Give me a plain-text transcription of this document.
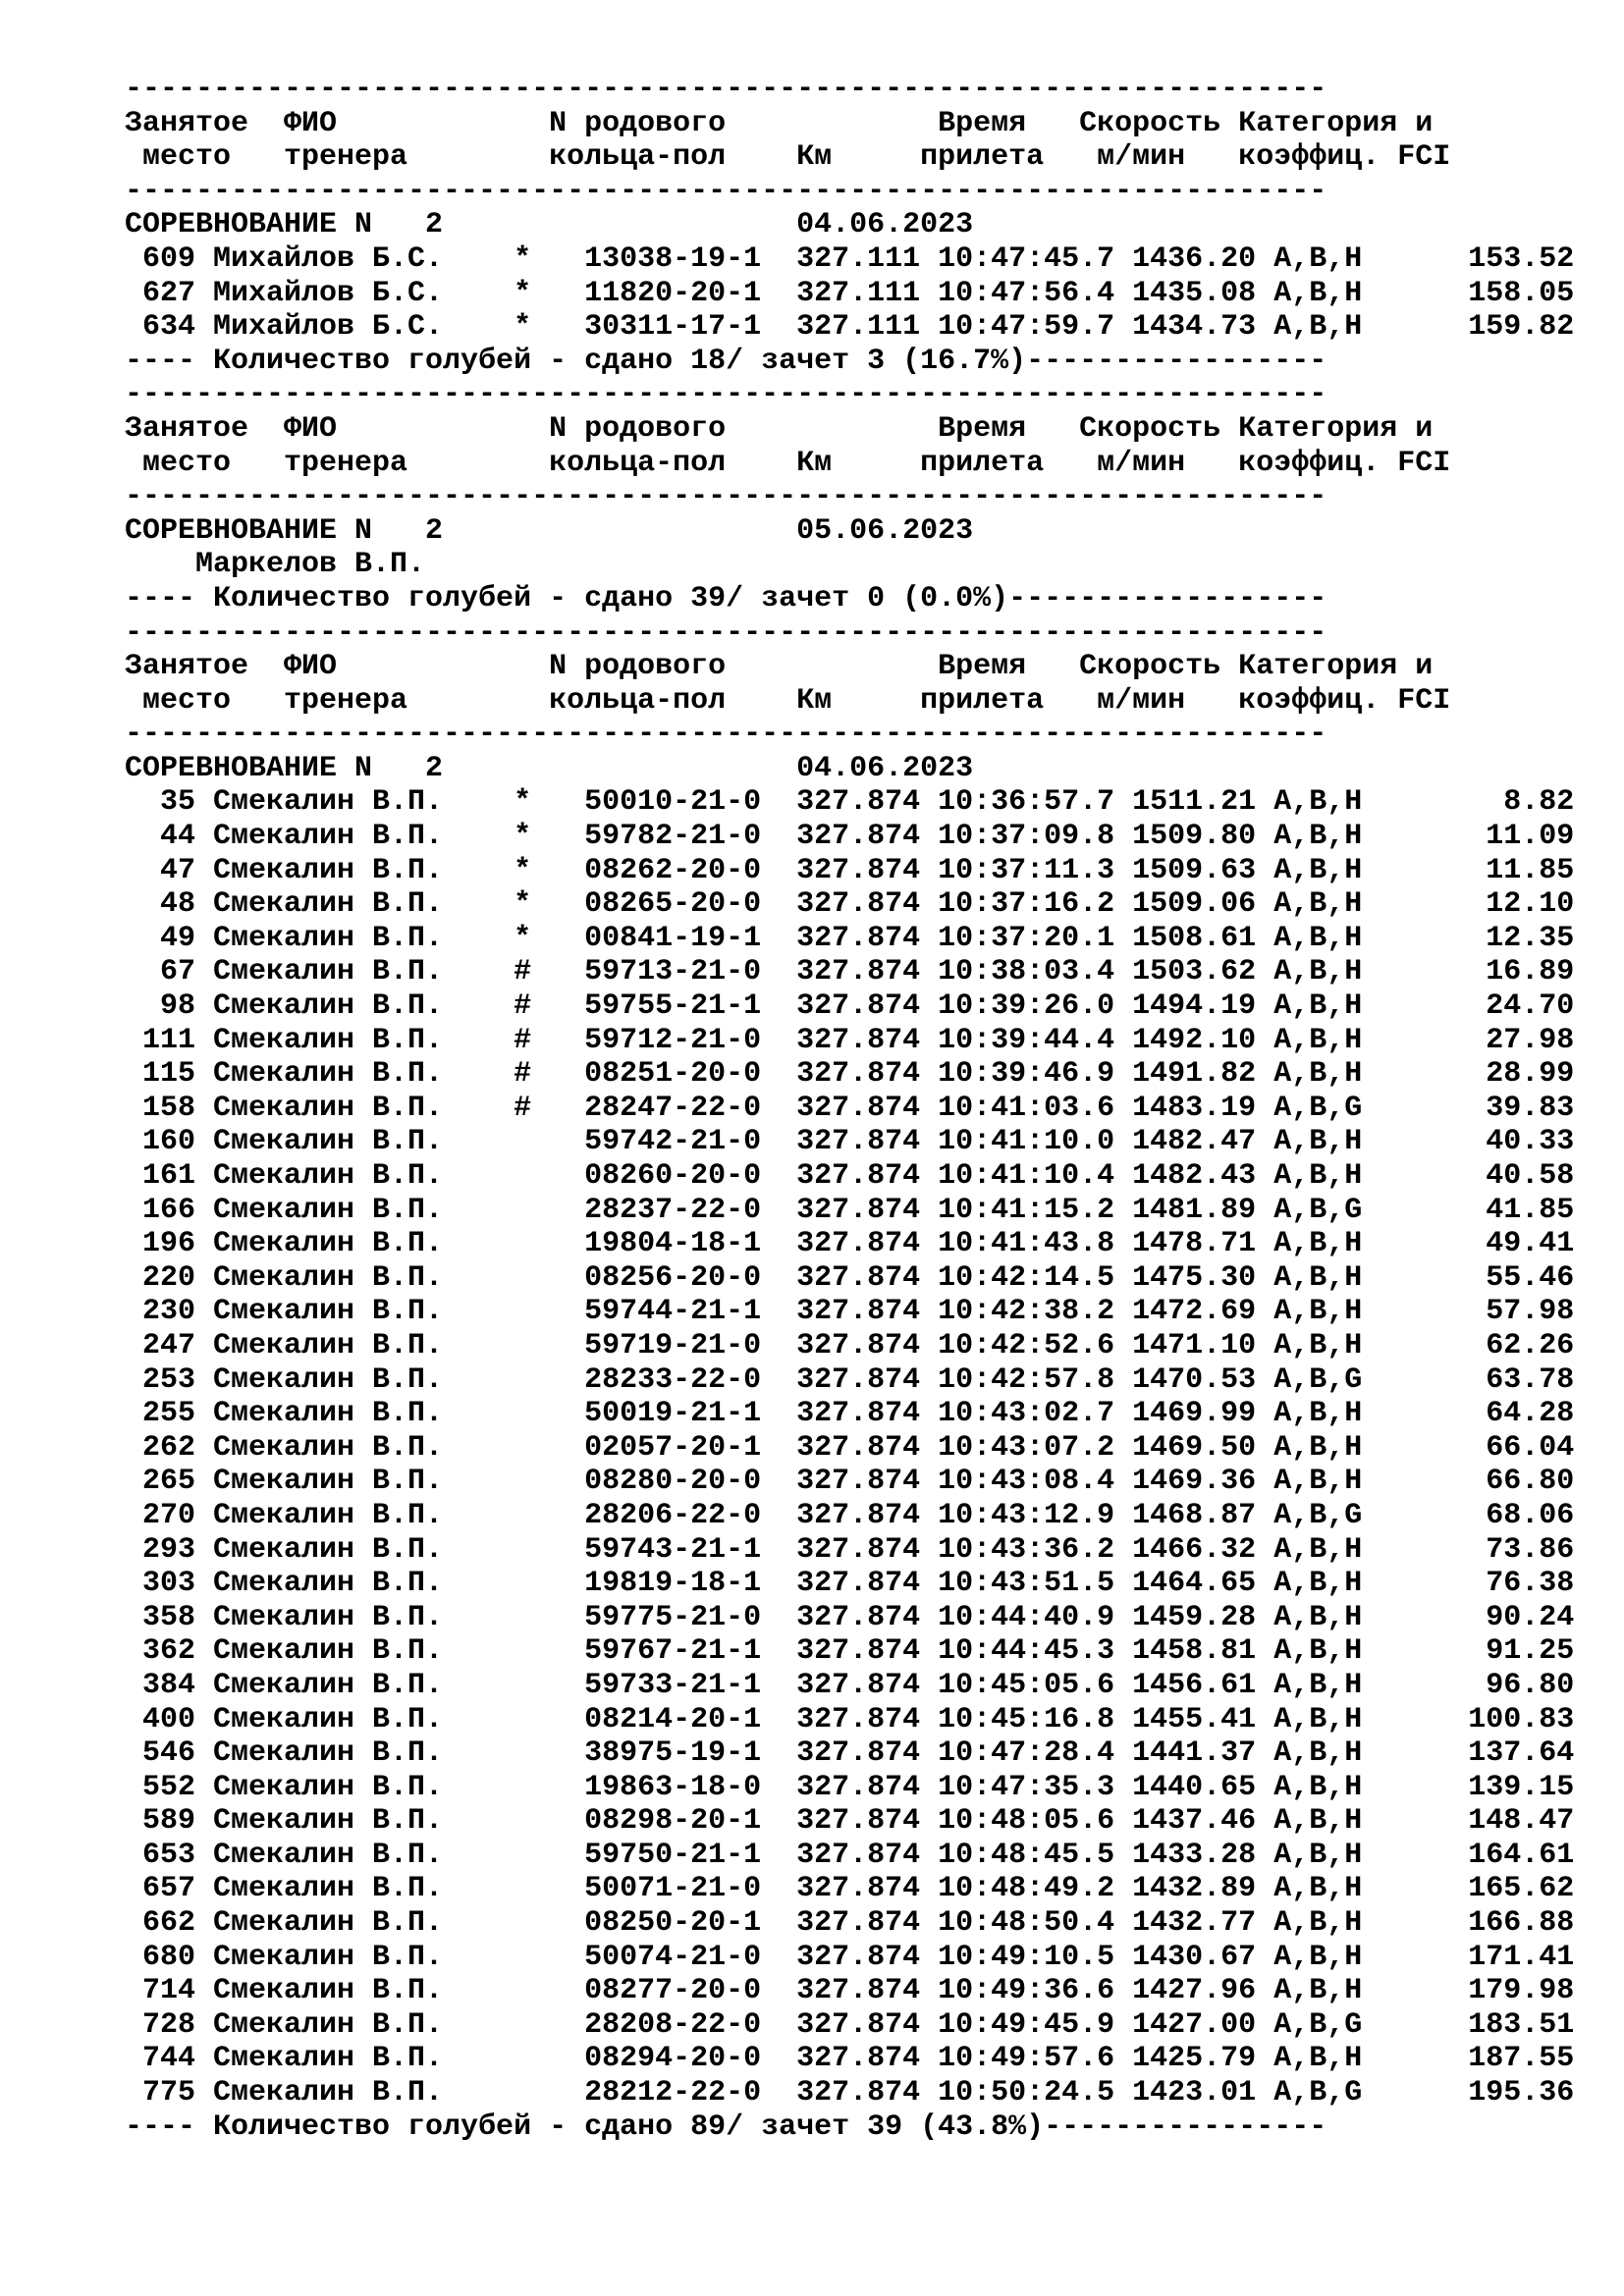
--------------------------------------------------------------------
Занятое  ФИО            N родового            Время   Скорость Категория и
место   тренера        кольца-пол    Км     прилета   м/мин   коэффиц. FCI
--------------------------------------------------------------------
СОРЕВНОВАНИЕ N   2                    04.06.2023
609 Михайлов Б.С.    *   13038-19-1  327.111 10:47:45.7 1436.20 A,B,H      153.52
627 Михайлов Б.С.    *   11820-20-1  327.111 10:47:56.4 1435.08 A,B,H      158.05
634 Михайлов Б.С.    *   30311-17-1  327.111 10:47:59.7 1434.73 A,B,H      159.82
---- Количество голубей - сдано 18/ зачет 3 (16.7%)-----------------
--------------------------------------------------------------------
Занятое  ФИО            N родового            Время   Скорость Категория и
место   тренера        кольца-пол    Км     прилета   м/мин   коэффиц. FCI
--------------------------------------------------------------------
СОРЕВНОВАНИЕ N   2                    05.06.2023
Маркелов В.П.
---- Количество голубей - сдано 39/ зачет 0 (0.0%)------------------
--------------------------------------------------------------------
Занятое  ФИО            N родового            Время   Скорость Категория и
место   тренера        кольца-пол    Км     прилета   м/мин   коэффиц. FCI
--------------------------------------------------------------------
СОРЕВНОВАНИЕ N   2                    04.06.2023
35 Смекалин В.П.    *   50010-21-0  327.874 10:36:57.7 1511.21 A,B,H        8.82
44 Смекалин В.П.    *   59782-21-0  327.874 10:37:09.8 1509.80 A,B,H       11.09
47 Смекалин В.П.    *   08262-20-0  327.874 10:37:11.3 1509.63 A,B,H       11.85
48 Смекалин В.П.    *   08265-20-0  327.874 10:37:16.2 1509.06 A,B,H       12.10
49 Смекалин В.П.    *   00841-19-1  327.874 10:37:20.1 1508.61 A,B,H       12.35
67 Смекалин В.П.    #   59713-21-0  327.874 10:38:03.4 1503.62 A,B,H       16.89
98 Смекалин В.П.    #   59755-21-1  327.874 10:39:26.0 1494.19 A,B,H       24.70
111 Смекалин В.П.    #   59712-21-0  327.874 10:39:44.4 1492.10 A,B,H       27.98
115 Смекалин В.П.    #   08251-20-0  327.874 10:39:46.9 1491.82 A,B,H       28.99
158 Смекалин В.П.    #   28247-22-0  327.874 10:41:03.6 1483.19 A,B,G       39.83
160 Смекалин В.П.        59742-21-0  327.874 10:41:10.0 1482.47 A,B,H       40.33
161 Смекалин В.П.        08260-20-0  327.874 10:41:10.4 1482.43 A,B,H       40.58
166 Смекалин В.П.        28237-22-0  327.874 10:41:15.2 1481.89 A,B,G       41.85
196 Смекалин В.П.        19804-18-1  327.874 10:41:43.8 1478.71 A,B,H       49.41
220 Смекалин В.П.        08256-20-0  327.874 10:42:14.5 1475.30 A,B,H       55.46
230 Смекалин В.П.        59744-21-1  327.874 10:42:38.2 1472.69 A,B,H       57.98
247 Смекалин В.П.        59719-21-0  327.874 10:42:52.6 1471.10 A,B,H       62.26
253 Смекалин В.П.        28233-22-0  327.874 10:42:57.8 1470.53 A,B,G       63.78
255 Смекалин В.П.        50019-21-1  327.874 10:43:02.7 1469.99 A,B,H       64.28
262 Смекалин В.П.        02057-20-1  327.874 10:43:07.2 1469.50 A,B,H       66.04
265 Смекалин В.П.        08280-20-0  327.874 10:43:08.4 1469.36 A,B,H       66.80
270 Смекалин В.П.        28206-22-0  327.874 10:43:12.9 1468.87 A,B,G       68.06
293 Смекалин В.П.        59743-21-1  327.874 10:43:36.2 1466.32 A,B,H       73.86
303 Смекалин В.П.        19819-18-1  327.874 10:43:51.5 1464.65 A,B,H       76.38
358 Смекалин В.П.        59775-21-0  327.874 10:44:40.9 1459.28 A,B,H       90.24
362 Смекалин В.П.        59767-21-1  327.874 10:44:45.3 1458.81 A,B,H       91.25
384 Смекалин В.П.        59733-21-1  327.874 10:45:05.6 1456.61 A,B,H       96.80
400 Смекалин В.П.        08214-20-1  327.874 10:45:16.8 1455.41 A,B,H      100.83
546 Смекалин В.П.        38975-19-1  327.874 10:47:28.4 1441.37 A,B,H      137.64
552 Смекалин В.П.        19863-18-0  327.874 10:47:35.3 1440.65 A,B,H      139.15
589 Смекалин В.П.        08298-20-1  327.874 10:48:05.6 1437.46 A,B,H      148.47
653 Смекалин В.П.        59750-21-1  327.874 10:48:45.5 1433.28 A,B,H      164.61
657 Смекалин В.П.        50071-21-0  327.874 10:48:49.2 1432.89 A,B,H      165.62
662 Смекалин В.П.        08250-20-1  327.874 10:48:50.4 1432.77 A,B,H      166.88
680 Смекалин В.П.        50074-21-0  327.874 10:49:10.5 1430.67 A,B,H      171.41
714 Смекалин В.П.        08277-20-0  327.874 10:49:36.6 1427.96 A,B,H      179.98
728 Смекалин В.П.        28208-22-0  327.874 10:49:45.9 1427.00 A,B,G      183.51
744 Смекалин В.П.        08294-20-0  327.874 10:49:57.6 1425.79 A,B,H      187.55
775 Смекалин В.П.        28212-22-0  327.874 10:50:24.5 1423.01 A,B,G      195.36
---- Количество голубей - сдано 89/ зачет 39 (43.8%)----------------
